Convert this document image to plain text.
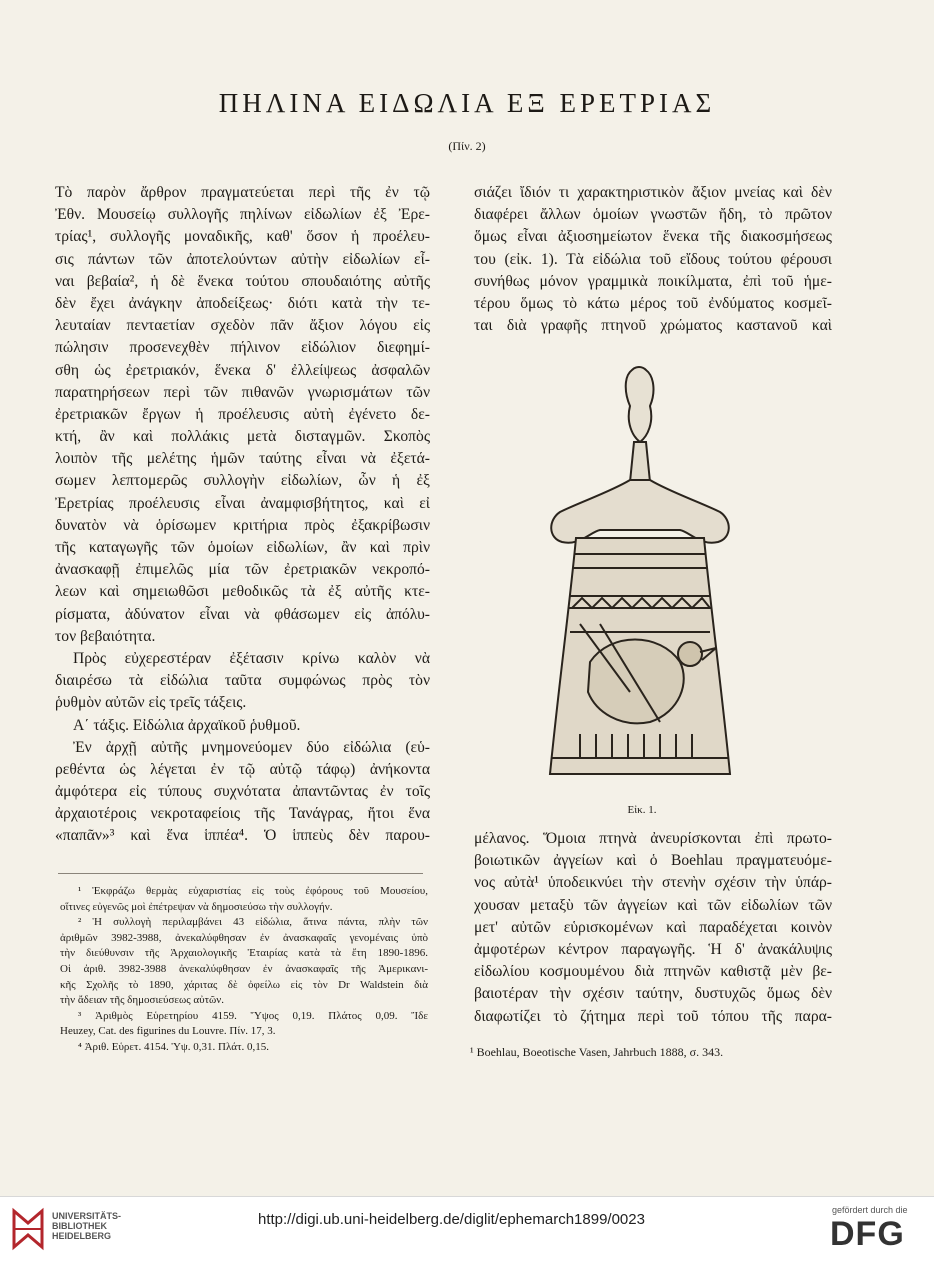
ΠΗΛΙΝΑ ΕΙΔΩΛΙΑ ΕΞ ΕΡΕΤΡΙΑΣ
(Πίν. 2)
Τὸ παρὸν ἄρθρον πραγματεύεται περὶ τῆς ἐν τῷ
Ἐθν. Μουσείῳ συλλογῆς πηλίνων εἰδωλίων ἐξ Ἐρε-
τρίας¹, συλλογῆς μοναδικῆς, καθ' ὅσον ἡ προέλευ-
σις πάντων τῶν ἀποτελούντων αὐτὴν εἰδωλίων εἶ-
ναι βεβαία², ἡ δὲ ἕνεκα τούτου σπουδαιότης αὐτῆς
δὲν ἔχει ἀνάγκην ἀποδείξεως· διότι κατὰ τὴν τε-
λευταίαν πενταετίαν σχεδὸν πᾶν ἄξιον λόγου εἰς
πώλησιν προσενεχθὲν πήλινον εἰδώλιον διεφημί-
σθη ὡς ἐρετριακόν, ἕνεκα δ' ἐλλείψεως ἀσφαλῶν
παρατηρήσεων περὶ τῶν πιθανῶν γνωρισμάτων τῶν
ἐρετριακῶν ἔργων ἡ προέλευσις αὐτὴ ἐγένετο δε-
κτή, ἂν καὶ πολλάκις μετὰ δισταγμῶν. Σκοπὸς
λοιπὸν τῆς μελέτης ἡμῶν ταύτης εἶναι νὰ ἐξετά-
σωμεν λεπτομερῶς συλλογὴν εἰδωλίων, ὧν ἡ ἐξ
Ἐρετρίας προέλευσις εἶναι ἀναμφισβήτητος, καὶ εἰ
δυνατὸν νὰ ὁρίσωμεν κριτήρια πρὸς ἐξακρίβωσιν
τῆς καταγωγῆς τῶν ὁμοίων εἰδωλίων, ἂν καὶ πρὶν
ἀνασκαφῇ ἐπιμελῶς μία τῶν ἐρετριακῶν νεκροπό-
λεων καὶ σημειωθῶσι μεθοδικῶς τὰ ἐξ αὐτῆς κτε-
ρίσματα, ἀδύνατον εἶναι νὰ φθάσωμεν εἰς ἀπόλυ-
τον βεβαιότητα.
Πρὸς εὐχερεστέραν ἐξέτασιν κρίνω καλὸν νὰ
διαιρέσω τὰ εἰδώλια ταῦτα συμφώνως πρὸς τὸν
ῥυθμὸν αὐτῶν εἰς τρεῖς τάξεις.
Α΄ τάξις. Εἰδώλια ἀρχαϊκοῦ ῥυθμοῦ.
Ἐν ἀρχῇ αὐτῆς μνημονεύομεν δύο εἰδώλια (εὑ-
ρεθέντα ὡς λέγεται ἐν τῷ αὐτῷ τάφῳ) ἀνήκοντα
ἀμφότερα εἰς τύπους συχνότατα ἀπαντῶντας ἐν τοῖς
ἀρχαιοτέροις νεκροταφείοις τῆς Τανάγρας, ἤτοι ἕνα
«παπᾶν»³ καὶ ἕνα ἱππέα⁴. Ὁ ἱππεὺς δὲν παρου-
σιάζει ἴδιόν τι χαρακτηριστικὸν ἄξιον μνείας καὶ δὲν
διαφέρει ἄλλων ὁμοίων γνωστῶν ἤδη, τὸ πρῶτον
ὅμως εἶναι ἀξιοσημείωτον ἕνεκα τῆς διακοσμήσεως
του (εἰκ. 1). Τὰ εἰδώλια τοῦ εἴδους τούτου φέρουσι
συνήθως μόνον γραμμικὰ ποικίλματα, ἐπὶ τοῦ ἡμε-
τέρου ὅμως τὸ κάτω μέρος τοῦ ἐνδύματος κοσμεῖ-
ται διὰ γραφῆς πτηνοῦ χρώματος καστανοῦ καὶ
Εἰκ. 1.
μέλανος. Ὅμοια πτηνὰ ἀνευρίσκονται ἐπὶ πρωτο-
βοιωτικῶν ἀγγείων καὶ ὁ Boehlau πραγματευόμε-
νος αὐτὰ¹ ὑποδεικνύει τὴν στενὴν σχέσιν τὴν ὑπάρ-
χουσαν μεταξὺ τῶν ἀγγείων καὶ τῶν εἰδωλίων τῶν
μετ' αὐτῶν εὑρισκομένων καὶ παραδέχεται κοινὸν
ἀμφοτέρων κέντρον παραγωγῆς. Ἡ δ' ἀνακάλυψις
εἰδωλίου κοσμουμένου διὰ πτηνῶν καθιστᾷ μὲν βε-
βαιοτέραν τὴν σχέσιν ταύτην, δυστυχῶς ὅμως δὲν
διαφωτίζει τὸ ζήτημα περὶ τοῦ τόπου τῆς παρα-
¹ Ἐκφράζω θερμὰς εὐχαριστίας εἰς τοὺς ἐφόρους τοῦ Μουσείου,
οἵτινες εὐγενῶς μοὶ ἐπέτρεψαν νὰ δημοσιεύσω τὴν συλλογήν.
² Ἡ συλλογὴ περιλαμβάνει 43 εἰδώλια, ἅτινα πάντα, πλὴν τῶν
ἀριθμῶν 3982-3988, ἀνεκαλύφθησαν ἐν ἀνασκαφαῖς γενομέναις ὑπὸ
τὴν διεύθυνσιν τῆς Ἀρχαιολογικῆς Ἑταιρίας κατὰ τὰ ἔτη 1890-1896.
Οἱ ἀριθ. 3982-3988 ἀνεκαλύφθησαν ἐν ἀνασκαφαῖς τῆς Ἀμερικανι-
κῆς Σχολῆς τὸ 1890, χάριτας δὲ ὀφείλω εἰς τὸν Dr Waldstein διὰ
τὴν ἄδειαν τῆς δημοσιεύσεως αὐτῶν.
³ Ἀριθμὸς Εὑρετηρίου 4159. Ὕψος 0,19. Πλάτος 0,09. Ἴδε
Heuzey, Cat. des figurines du Louvre. Πίν. 17, 3.
⁴ Ἀριθ. Εὑρετ. 4154. Ὑψ. 0,31. Πλάτ. 0,15.	¹ Boehlau, Boeotische Vasen, Jahrbuch 1888, σ. 343.
UNIVERSITÄTS-
BIBLIOTHEK
HEIDELBERG
http://digi.ub.uni-heidelberg.de/diglit/ephemarch1899/0023
gefördert durch die
DFG
